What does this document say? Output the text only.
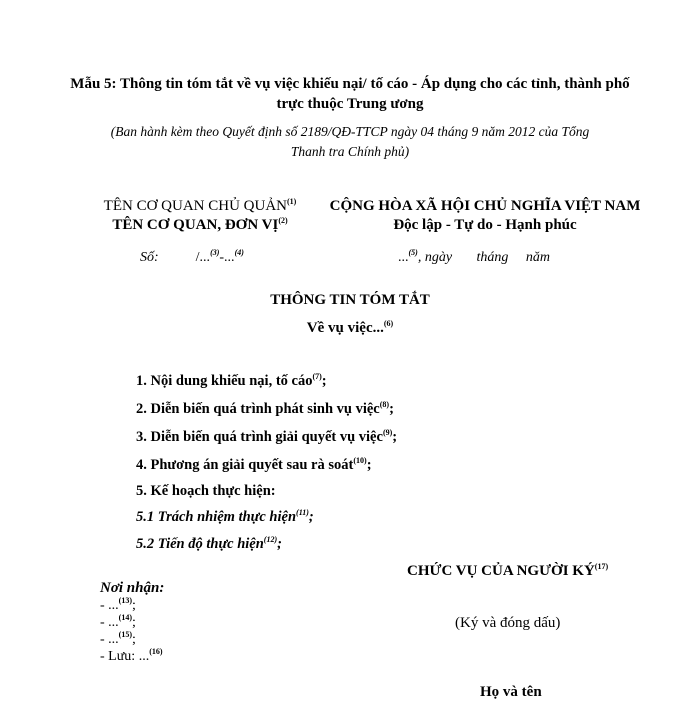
Mẫu 5: Thông tin tóm tắt về vụ việc khiếu nại/ tố cáo - Áp dụng cho các tỉnh, thành phố trực thuộc Trung ương
(Ban hành kèm theo Quyết định số 2189/QĐ-TTCP ngày 04 tháng 9 năm 2012 của Tổng Thanh tra Chính phủ)
TÊN CƠ QUAN CHỦ QUẢN$^{(1)}$
TÊN CƠ QUAN, ĐƠN VỊ$^{(2)}$
CỘNG HÒA XÃ HỘI CHỦ NGHĨA VIỆT NAM
Độc lập - Tự do - Hạnh phúc
Số:	/...$^{(3)}$-...$^{(4)}$	...$^{(5)}$, ngày       tháng     năm
THÔNG TIN TÓM TẮT
Về vụ việc...$^{(6)}$
1. Nội dung khiếu nại, tố cáo$^{(7)}$;
2. Diễn biến quá trình phát sinh vụ việc$^{(8)}$;
3. Diễn biến quá trình giải quyết vụ việc$^{(9)}$;
4. Phương án giải quyết sau rà soát$^{(10)}$;
5. Kế hoạch thực hiện:
5.1 Trách nhiệm thực hiện$^{(11)}$;
5.2 Tiến độ thực hiện$^{(12)}$;
CHỨC VỤ CỦA NGƯỜI KÝ$^{(17)}$
Nơi nhận:
- ...$^{(13)}$;
- ...$^{(14)}$;
- ...$^{(15)}$;
- Lưu: ...$^{(16)}$
(Ký và đóng dấu)
Họ và tên
